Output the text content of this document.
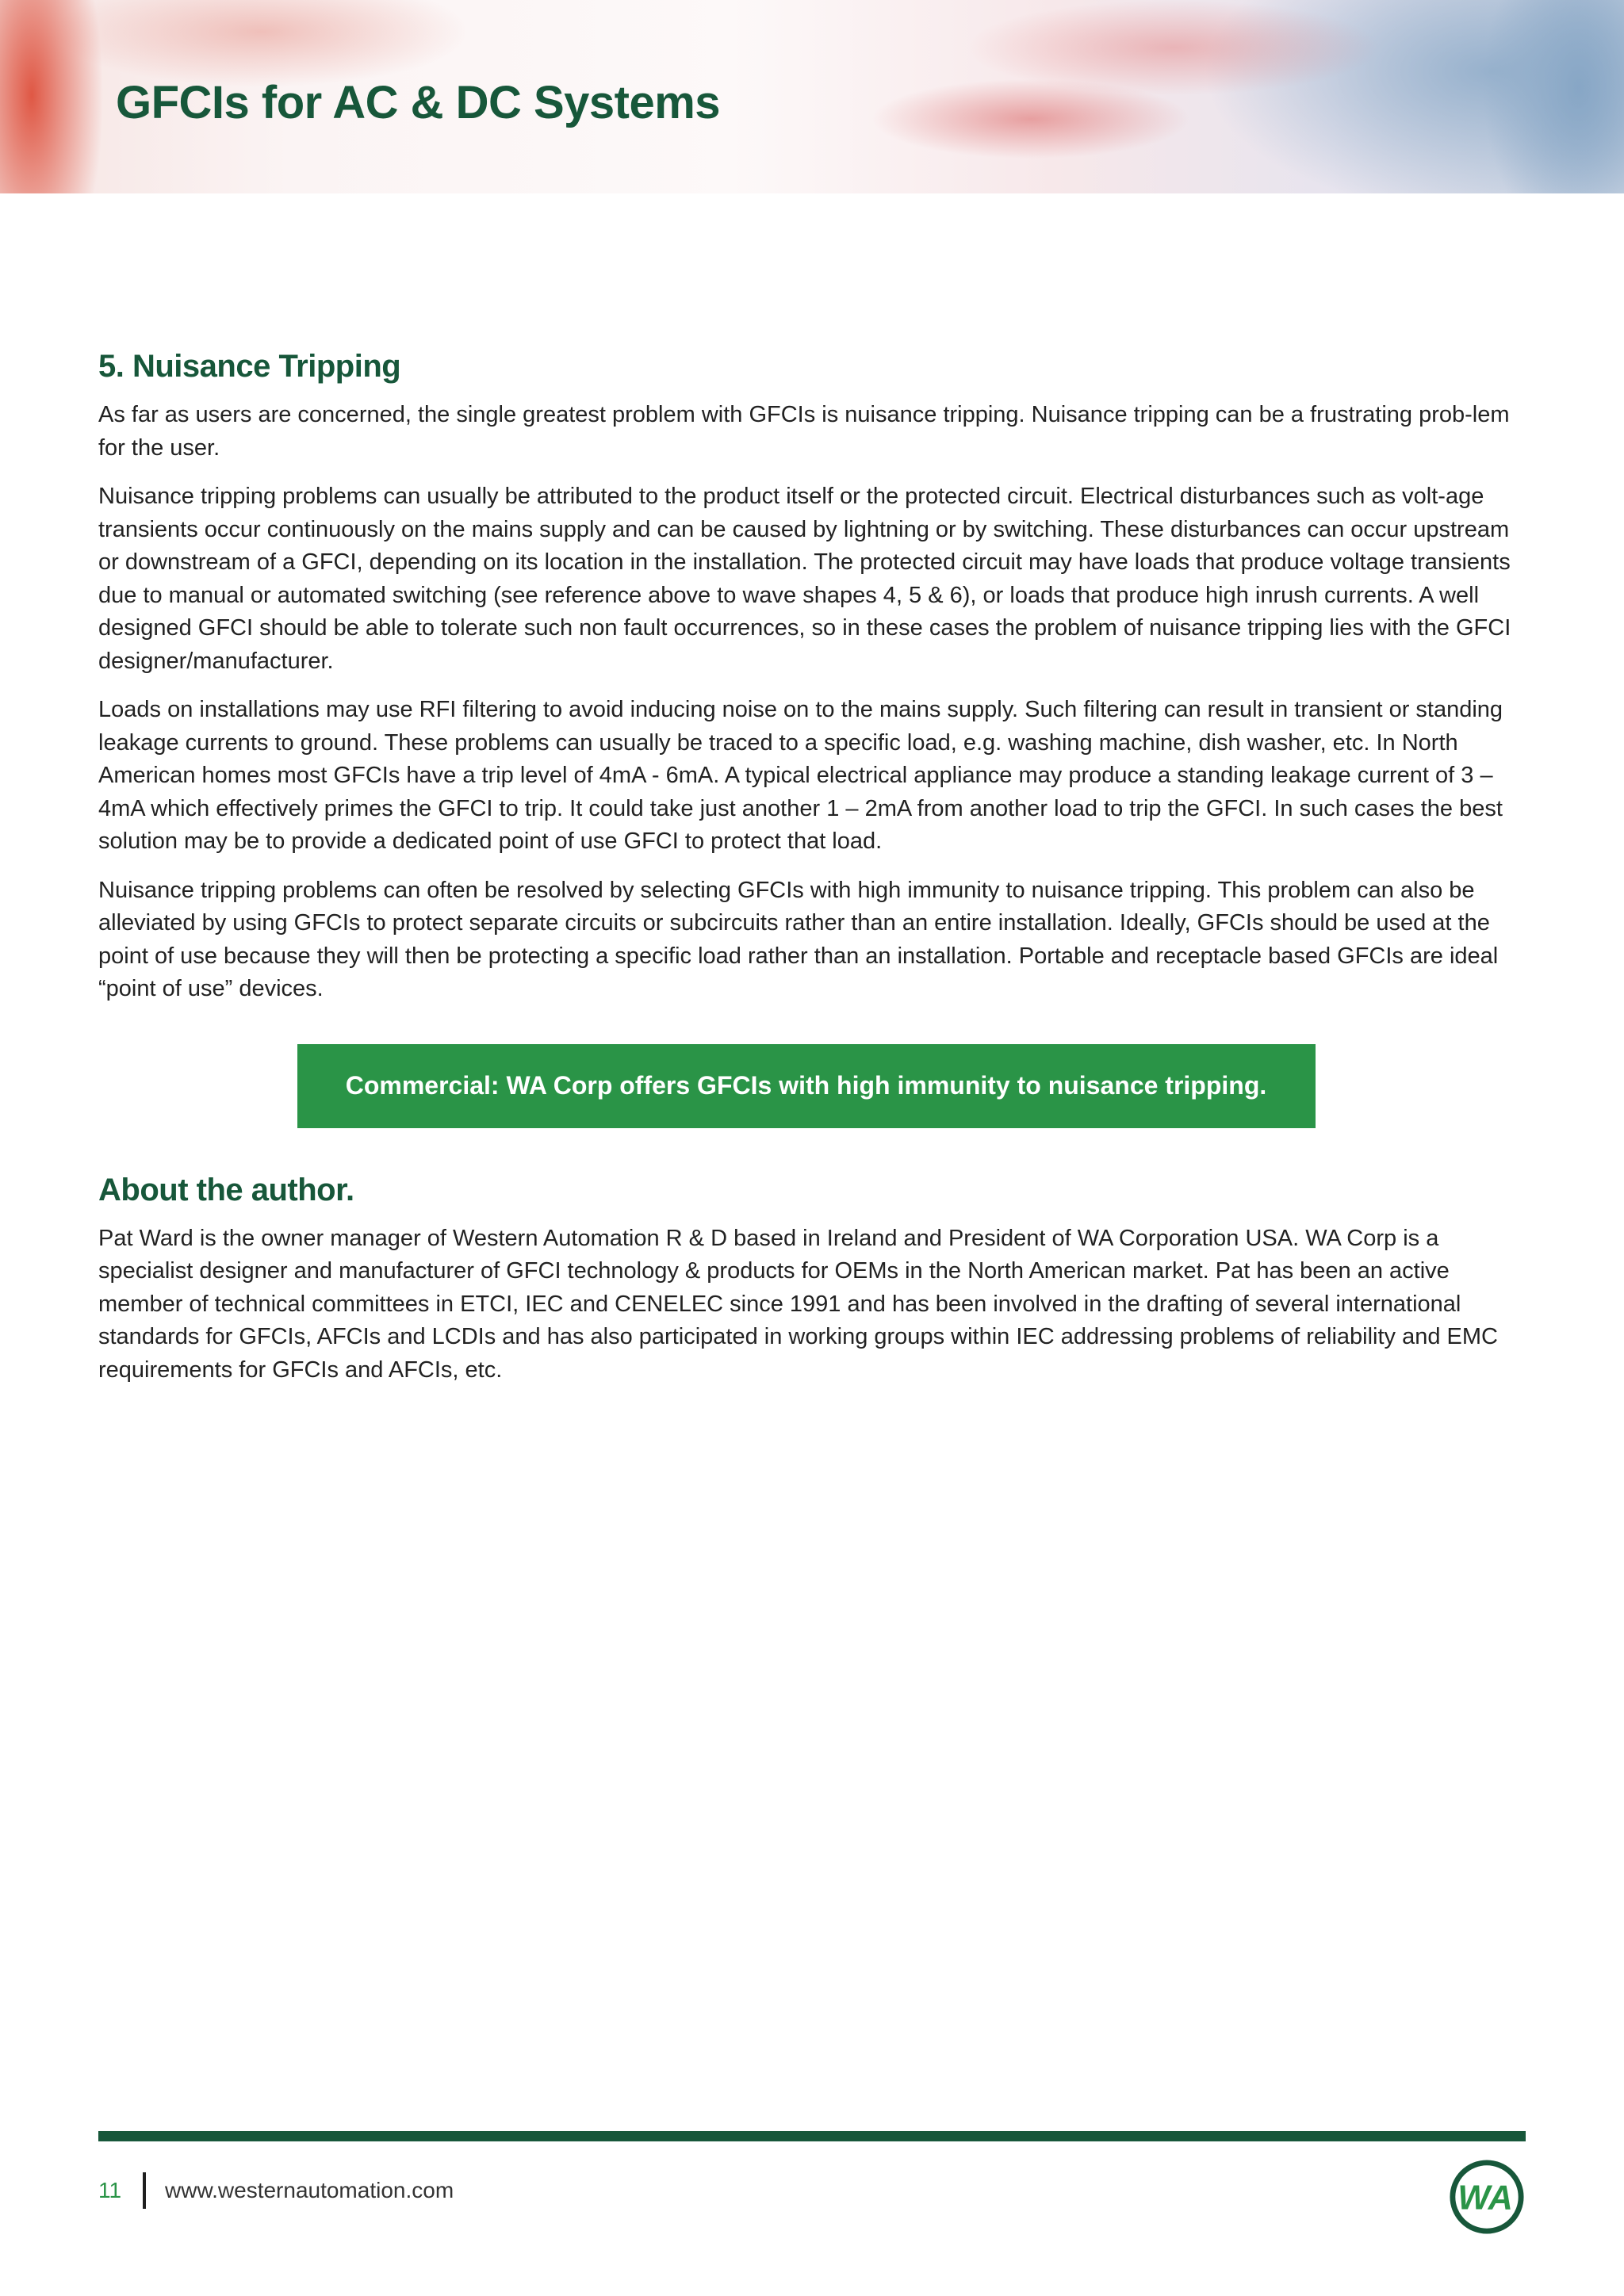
GFCIs for AC & DC Systems
5. Nuisance Tripping

As far as users are concerned, the single greatest problem with GFCIs is nuisance tripping. Nuisance tripping can be a frustrating prob-lem for the user.

Nuisance tripping problems can usually be attributed to the product itself or the protected circuit. Electrical disturbances such as volt-age transients occur continuously on the mains supply and can be caused by lightning or by switching. These disturbances can occur upstream or downstream of a GFCI, depending on its location in the installation. The protected circuit may have loads that produce voltage transients due to manual or automated switching (see reference above to wave shapes 4, 5 & 6), or loads that produce high inrush currents. A well designed GFCI should be able to tolerate such non fault occurrences, so in these cases the problem of nuisance tripping lies with the GFCI designer/manufacturer.

Loads on installations may use RFI filtering to avoid inducing noise on to the mains supply. Such filtering can result in transient or standing leakage currents to ground. These problems can usually be traced to a specific load, e.g. washing machine, dish washer, etc. In North American homes most GFCIs have a trip level of 4mA - 6mA. A typical electrical appliance may produce a standing leakage current of 3 – 4mA which effectively primes the GFCI to trip. It could take just another 1 – 2mA from another load to trip the GFCI. In such cases the best solution may be to provide a dedicated point of use GFCI to protect that load.

Nuisance tripping problems can often be resolved by selecting GFCIs with high immunity to nuisance tripping. This problem can also be alleviated by using GFCIs to protect separate circuits or subcircuits rather than an entire installation. Ideally, GFCIs should be used at the point of use because they will then be protecting a specific load rather than an installation. Portable and receptacle based GFCIs are ideal “point of use” devices.

Commercial: WA Corp offers GFCIs with high immunity to nuisance tripping.
About the author.

Pat Ward is the owner manager of Western Automation R & D based in Ireland and President of WA Corporation USA. WA Corp is a specialist designer and manufacturer of GFCI technology & products for OEMs in the North American market. Pat has been an active member of technical committees in ETCI, IEC and CENELEC since 1991 and has been involved in the drafting of several international standards for GFCIs, AFCIs and LCDIs and has also participated in working groups within IEC addressing problems of reliability and EMC requirements for GFCIs and AFCIs, etc.

11	www.westernautomation.com	WA
